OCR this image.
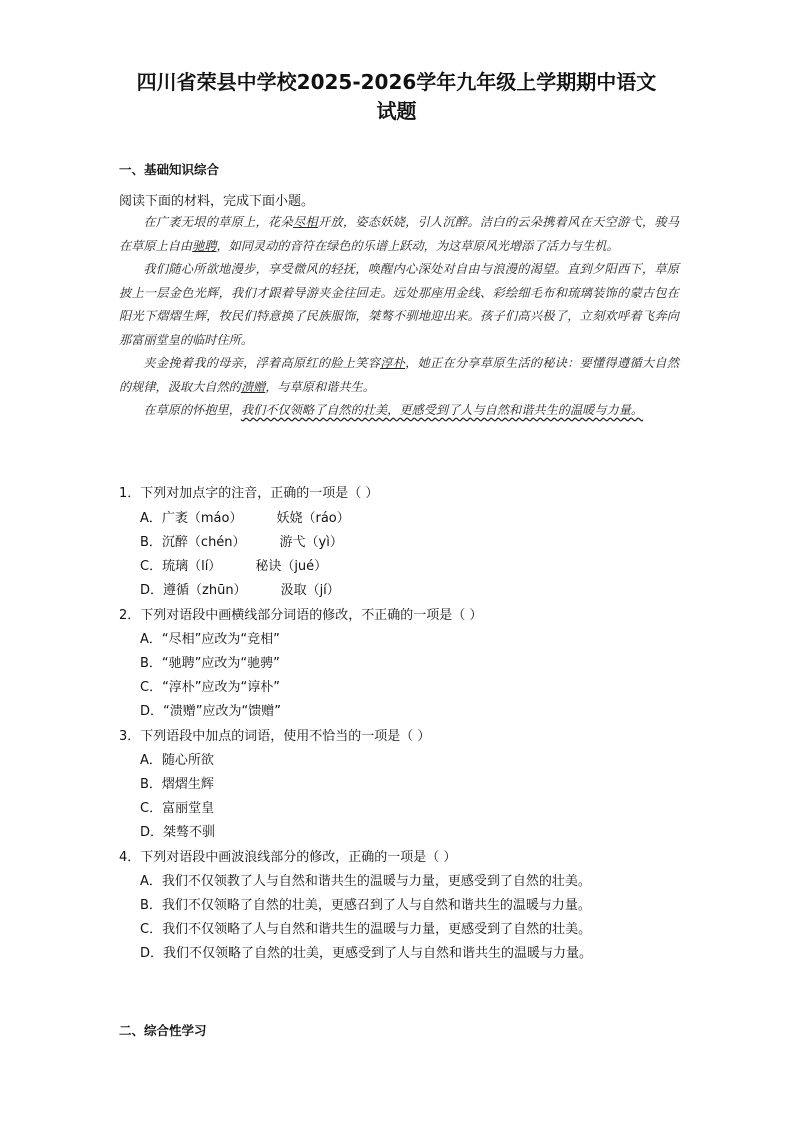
四川省荣县中学校2025-2026学年九年级上学期期中语文
试题
一、基础知识综合
阅读下面的材料，完成下面小题。

在广袤无垠的草原上，花朵尽相开放，姿态妖娆，引人沉醉。洁白的云朵携着风在天空游弋，骏马在草原上自由驰聘，如同灵动的音符在绿色的乐谱上跃动，为这草原风光增添了活力与生机。

我们随心所欲地漫步，享受微风的轻抚，唤醒内心深处对自由与浪漫的渴望。直到夕阳西下，草原披上一层金色光辉，我们才跟着导游夹金往回走。远处那座用金线、彩绘细毛布和琉璃装饰的蒙古包在阳光下熠熠生辉，牧民们特意换了民族服饰，桀骜不驯地迎出来。孩子们高兴极了，立刻欢呼着飞奔向那富丽堂皇的临时住所。

夹金挽着我的母亲，浮着高原红的脸上笑容淳朴，她正在分享草原生活的秘诀：要懂得遵循大自然的规律，汲取大自然的溃赠，与草原和谐共生。

在草原的怀抱里，我们不仅领略了自然的壮美，更感受到了人与自然和谐共生的温暖与力量。

1．下列对加点字的注音，正确的一项是（ ）
A．广袤（máo）	妖娆（ráo）
B．沉醉（chén）	游弋（yì）
C．琉璃（lí）	秘诀（jué）
D．遵循（zhūn）	汲取（jí）
2．下列对语段中画横线部分词语的修改，不正确的一项是（ ）
A．“尽相”应改为“竞相”
B．“驰聘”应改为“驰骋”
C．“淳朴”应改为“谆朴”
D．“溃赠”应改为“馈赠”
3．下列语段中加点的词语，使用不恰当的一项是（ ）
A．随心所欲
B．熠熠生辉
C．富丽堂皇
D．桀骜不驯
4．下列对语段中画波浪线部分的修改，正确的一项是（ ）
A．我们不仅领教了人与自然和谐共生的温暖与力量，更感受到了自然的壮美。
B．我们不仅领略了自然的壮美，更感召到了人与自然和谐共生的温暖与力量。
C．我们不仅领略了人与自然和谐共生的温暖与力量，更感受到了自然的壮美。
D．我们不仅领略了自然的壮美，更感受到了人与自然和谐共生的温暖与力量。
二、综合性学习
